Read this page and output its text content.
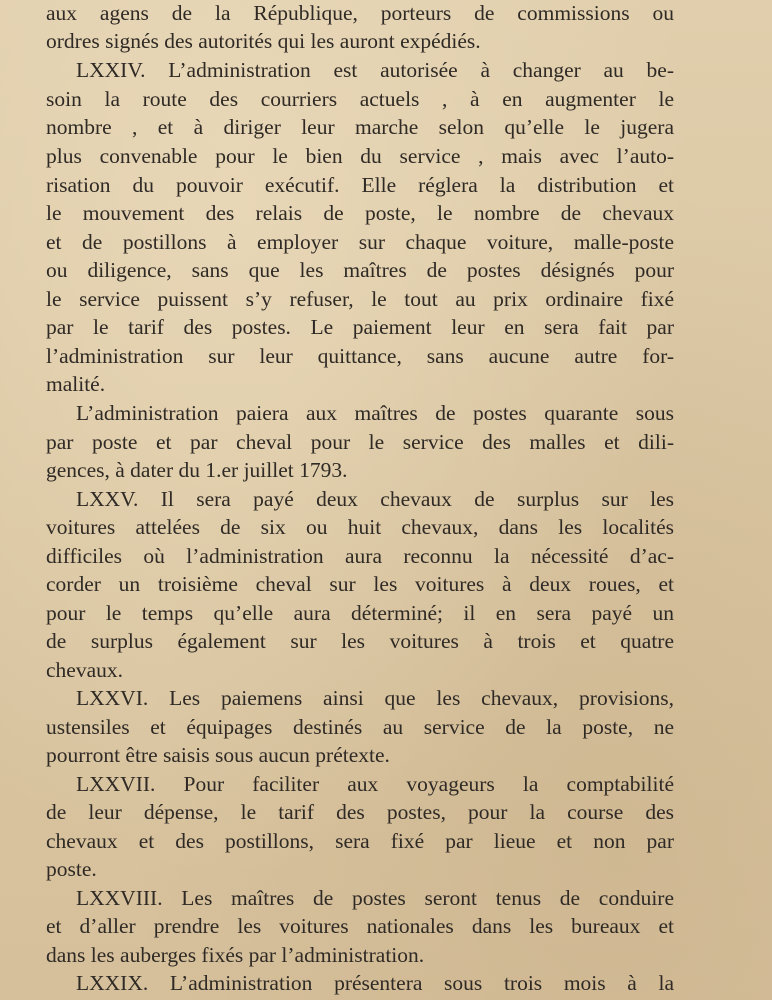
aux agens de la République, porteurs de commissions ou
ordres signés des autorités qui les auront expédiés.
LXXIV. L’administration est autorisée à changer au be-
soin la route des courriers actuels , à en augmenter le
nombre , et à diriger leur marche selon qu’elle le jugera
plus convenable pour le bien du service , mais avec l’auto-
risation du pouvoir exécutif. Elle réglera la distribution et
le mouvement des relais de poste, le nombre de chevaux
et de postillons à employer sur chaque voiture, malle-poste
ou diligence, sans que les maîtres de postes désignés pour
le service puissent s’y refuser, le tout au prix ordinaire fixé
par le tarif des postes. Le paiement leur en sera fait par
l’administration sur leur quittance, sans aucune autre for-
malité.
L’administration paiera aux maîtres de postes quarante sous
par poste et par cheval pour le service des malles et dili-
gences, à dater du 1.er juillet 1793.
LXXV. Il sera payé deux chevaux de surplus sur les
voitures attelées de six ou huit chevaux, dans les localités
difficiles où l’administration aura reconnu la nécessité d’ac-
corder un troisième cheval sur les voitures à deux roues, et
pour le temps qu’elle aura déterminé; il en sera payé un
de surplus également sur les voitures à trois et quatre
chevaux.
LXXVI. Les paiemens ainsi que les chevaux, provisions,
ustensiles et équipages destinés au service de la poste, ne
pourront être saisis sous aucun prétexte.
LXXVII. Pour faciliter aux voyageurs la comptabilité
de leur dépense, le tarif des postes, pour la course des
chevaux et des postillons, sera fixé par lieue et non par
poste.
LXXVIII. Les maîtres de postes seront tenus de conduire
et d’aller prendre les voitures nationales dans les bureaux et
dans les auberges fixés par l’administration.
LXXIX. L’administration présentera sous trois mois à la
